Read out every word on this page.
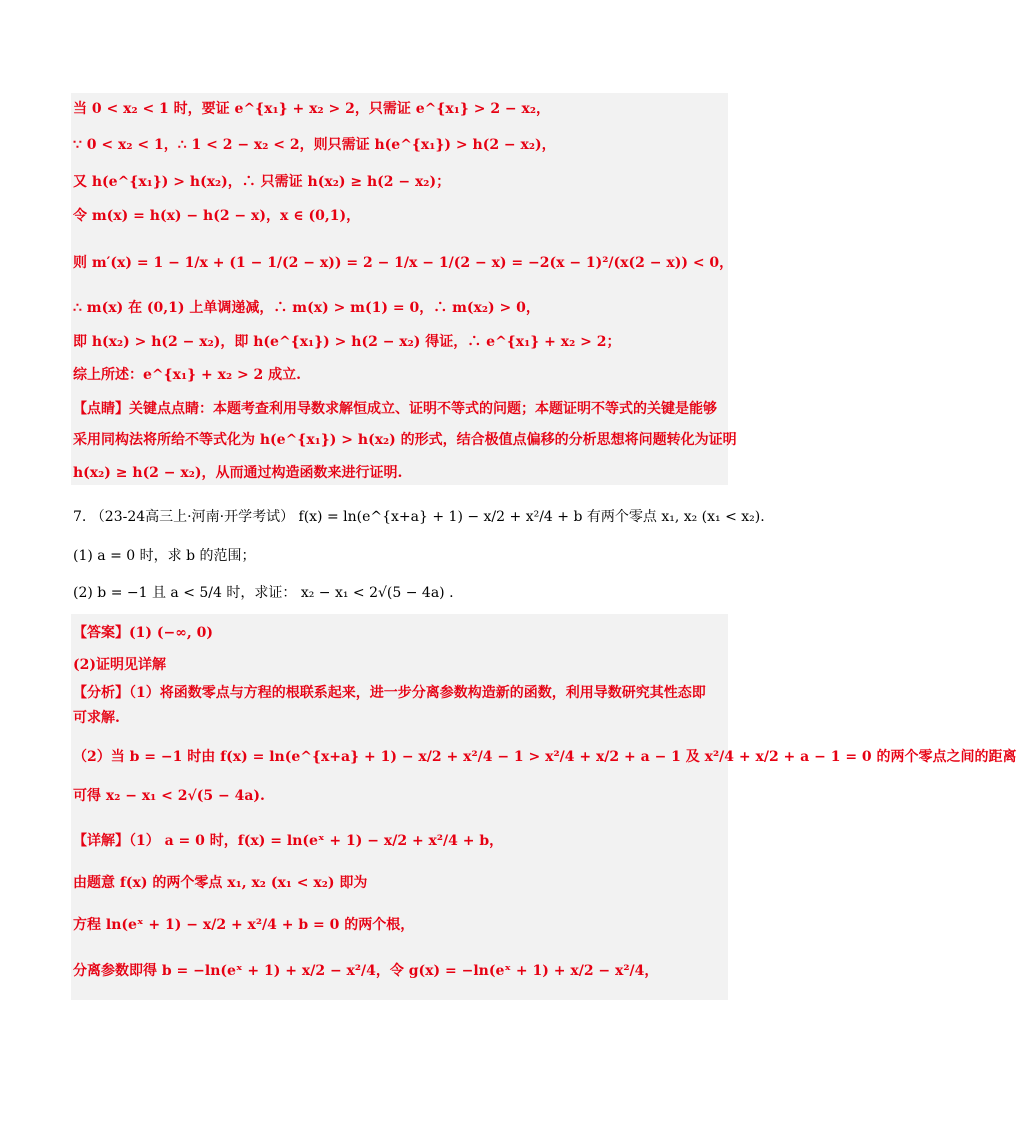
当 0 < x₂ < 1 时，要证 e^{x₁} + x₂ > 2，只需证 e^{x₁} > 2 − x₂，
∵ 0 < x₂ < 1，∴ 1 < 2 − x₂ < 2，则只需证 h(e^{x₁}) > h(2 − x₂)，
又 h(e^{x₁}) > h(x₂)，∴ 只需证 h(x₂) ≥ h(2 − x₂)；
令 m(x) = h(x) − h(2 − x)，x ∈ (0,1)，
则 m′(x) = 1 − 1/x + (1 − 1/(2 − x)) = 2 − 1/x − 1/(2 − x) = −2(x − 1)²/(x(2 − x)) < 0，
∴ m(x) 在 (0,1) 上单调递减，∴ m(x) > m(1) = 0，∴ m(x₂) > 0，
即 h(x₂) > h(2 − x₂)，即 h(e^{x₁}) > h(2 − x₂) 得证，∴ e^{x₁} + x₂ > 2；
综上所述：e^{x₁} + x₂ > 2 成立.
【点睛】关键点点睛：本题考查利用导数求解恒成立、证明不等式的问题；本题证明不等式的关键是能够
采用同构法将所给不等式化为 h(e^{x₁}) > h(x₂) 的形式，结合极值点偏移的分析思想将问题转化为证明
h(x₂) ≥ h(2 − x₂)，从而通过构造函数来进行证明.
7. （23-24高三上·河南·开学考试） f(x) = ln(e^{x+a} + 1) − x/2 + x²/4 + b 有两个零点 x₁, x₂ (x₁ < x₂).
(1) a = 0 时，求 b 的范围；
(2) b = −1 且 a < 5/4 时，求证： x₂ − x₁ < 2√(5 − 4a) .
【答案】(1) (−∞, 0)
(2)证明见详解
【分析】（1）将函数零点与方程的根联系起来，进一步分离参数构造新的函数，利用导数研究其性态即
可求解.
（2）当 b = −1 时由 f(x) = ln(e^{x+a} + 1) − x/2 + x²/4 − 1 > x²/4 + x/2 + a − 1 及 x²/4 + x/2 + a − 1 = 0 的两个零点之间的距离
可得 x₂ − x₁ < 2√(5 − 4a).
【详解】（1） a = 0 时，f(x) = ln(eˣ + 1) − x/2 + x²/4 + b，
由题意 f(x) 的两个零点 x₁, x₂ (x₁ < x₂) 即为
方程 ln(eˣ + 1) − x/2 + x²/4 + b = 0 的两个根，
分离参数即得 b = −ln(eˣ + 1) + x/2 − x²/4，令 g(x) = −ln(eˣ + 1) + x/2 − x²/4，
